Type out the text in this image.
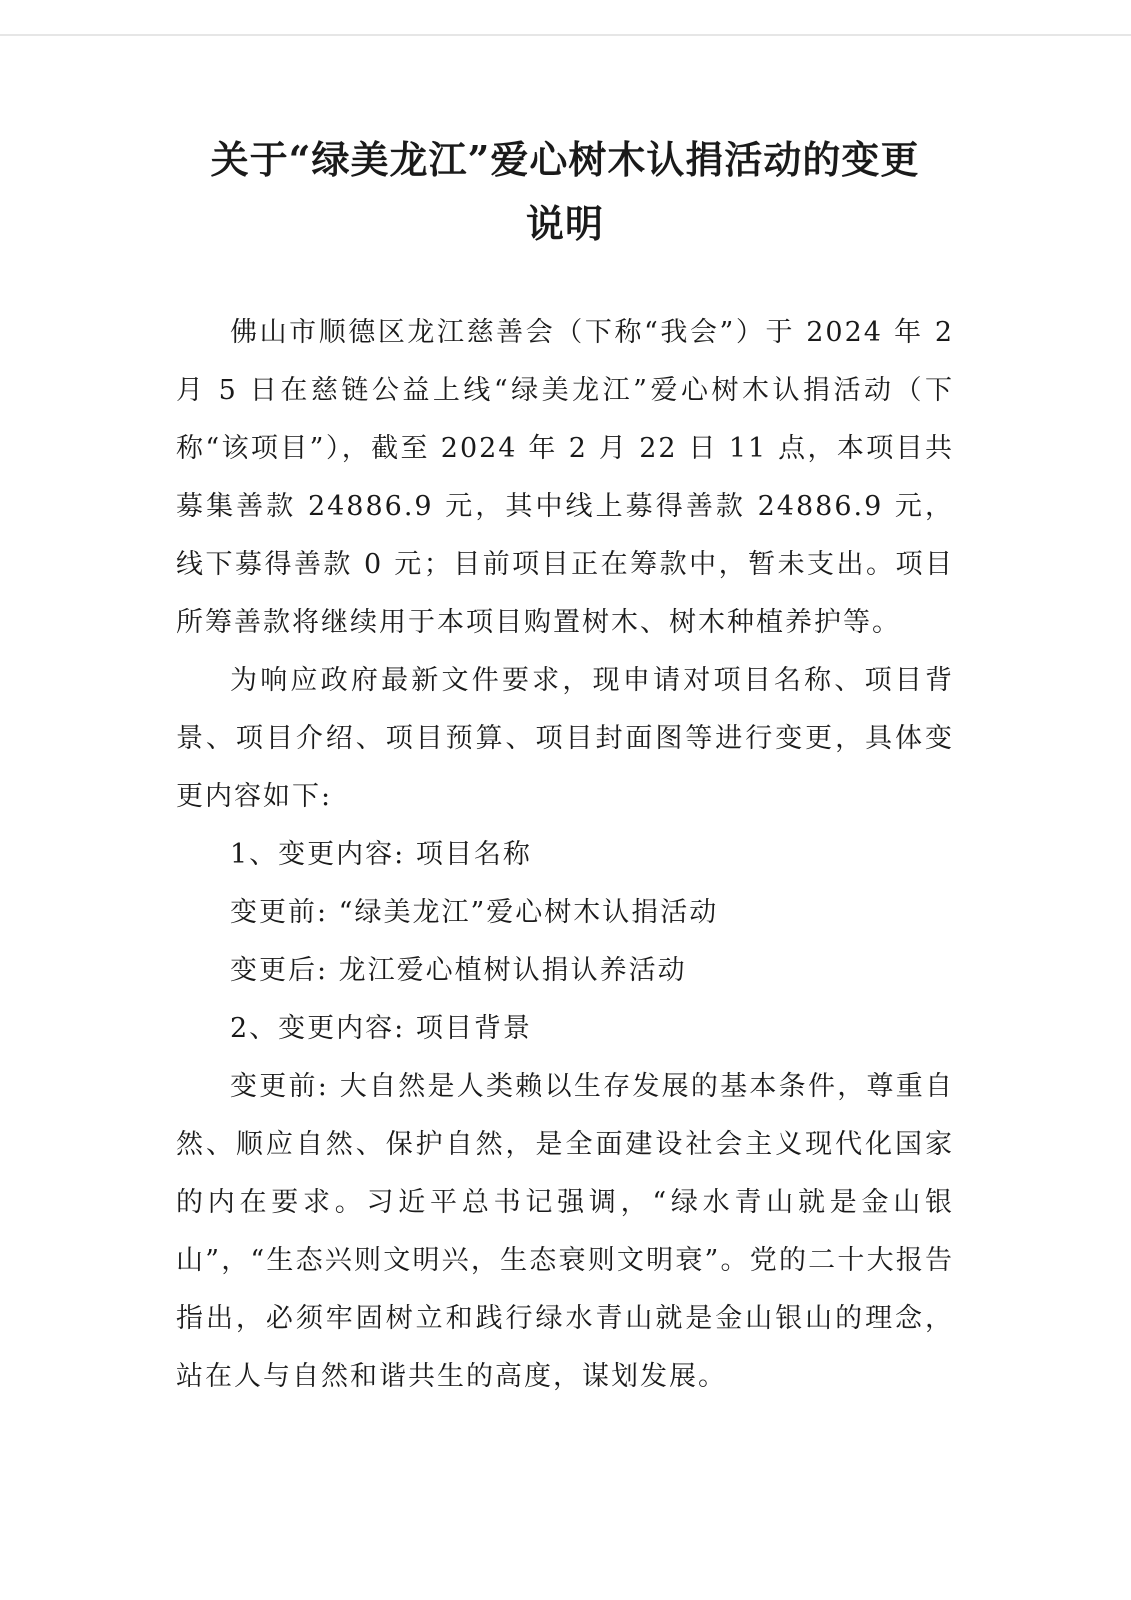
关于“绿美龙江”爱心树木认捐活动的变更
说明

佛山市顺德区龙江慈善会（下称“我会”）于 2024 年 2 月 5 日在慈链公益上线“绿美龙江”爱心树木认捐活动（下称“该项目”），截至 2024 年 2 月 22 日 11 点，本项目共募集善款 24886.9 元，其中线上募得善款 24886.9 元，线下募得善款 0 元；目前项目正在筹款中，暂未支出。项目所筹善款将继续用于本项目购置树木、树木种植养护等。

为响应政府最新文件要求，现申请对项目名称、项目背景、项目介绍、项目预算、项目封面图等进行变更，具体变更内容如下:

1、变更内容: 项目名称

变更前: “绿美龙江”爱心树木认捐活动

变更后: 龙江爱心植树认捐认养活动

2、变更内容: 项目背景

变更前: 大自然是人类赖以生存发展的基本条件，尊重自然、顺应自然、保护自然，是全面建设社会主义现代化国家的内在要求。习近平总书记强调，“绿水青山就是金山银山”，“生态兴则文明兴，生态衰则文明衰”。党的二十大报告指出，必须牢固树立和践行绿水青山就是金山银山的理念，站在人与自然和谐共生的高度，谋划发展。
